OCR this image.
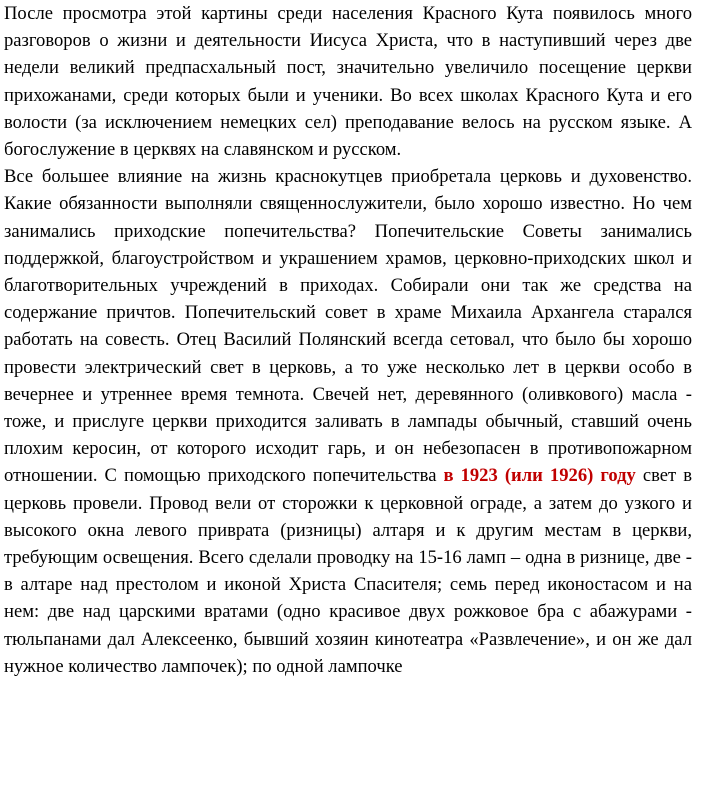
После просмотра этой картины среди населения Красного Кута появилось много разговоров о жизни и деятельности Иисуса Христа, что в наступивший через две недели великий предпасхальный пост, значительно увеличило посещение церкви прихожанами, среди которых были и ученики. Во всех школах Красного Кута и его волости (за исключением немецких сел) преподавание велось на русском языке. А богослужение в церквях на славянском и русском.

Все большее влияние на жизнь краснокутцев приобретала церковь и духовенство. Какие обязанности выполняли священнослужители, было хорошо известно. Но чем занимались приходские попечительства? Попечительские Советы занимались поддержкой, благоустройством и украшением храмов, церковно-приходских школ и благотворительных учреждений в приходах. Собирали они так же средства на содержание причтов. Попечительский совет в храме Михаила Архангела старался работать на совесть. Отец Василий Полянский всегда сетовал, что было бы хорошо провести электрический свет в церковь, а то уже несколько лет в церкви особо в вечернее и утреннее время темнота. Свечей нет, деревянного (оливкового) масла - тоже, и прислуге церкви приходится заливать в лампады обычный, ставший очень плохим керосин, от которого исходит гарь, и он небезопасен в противопожарном отношении. С помощью приходского попечительства в 1923 (или 1926) году свет в церковь провели. Провод вели от сторожки к церковной ограде, а затем до узкого и высокого окна левого привратa (ризницы) алтаря и к другим местам в церкви, требующим освещения. Всего сделали проводку на 15-16 ламп – одна в ризнице, две - в алтаре над престолом и иконой Христа Спасителя; семь перед иконостасом и на нем: две над царскими вратами (одно красивое двух рожковое бра с абажурами - тюльпанами дал Алексеенко, бывший хозяин кинотеатра «Развлечение», и он же дал нужное количество лампочек); по одной лампочке
